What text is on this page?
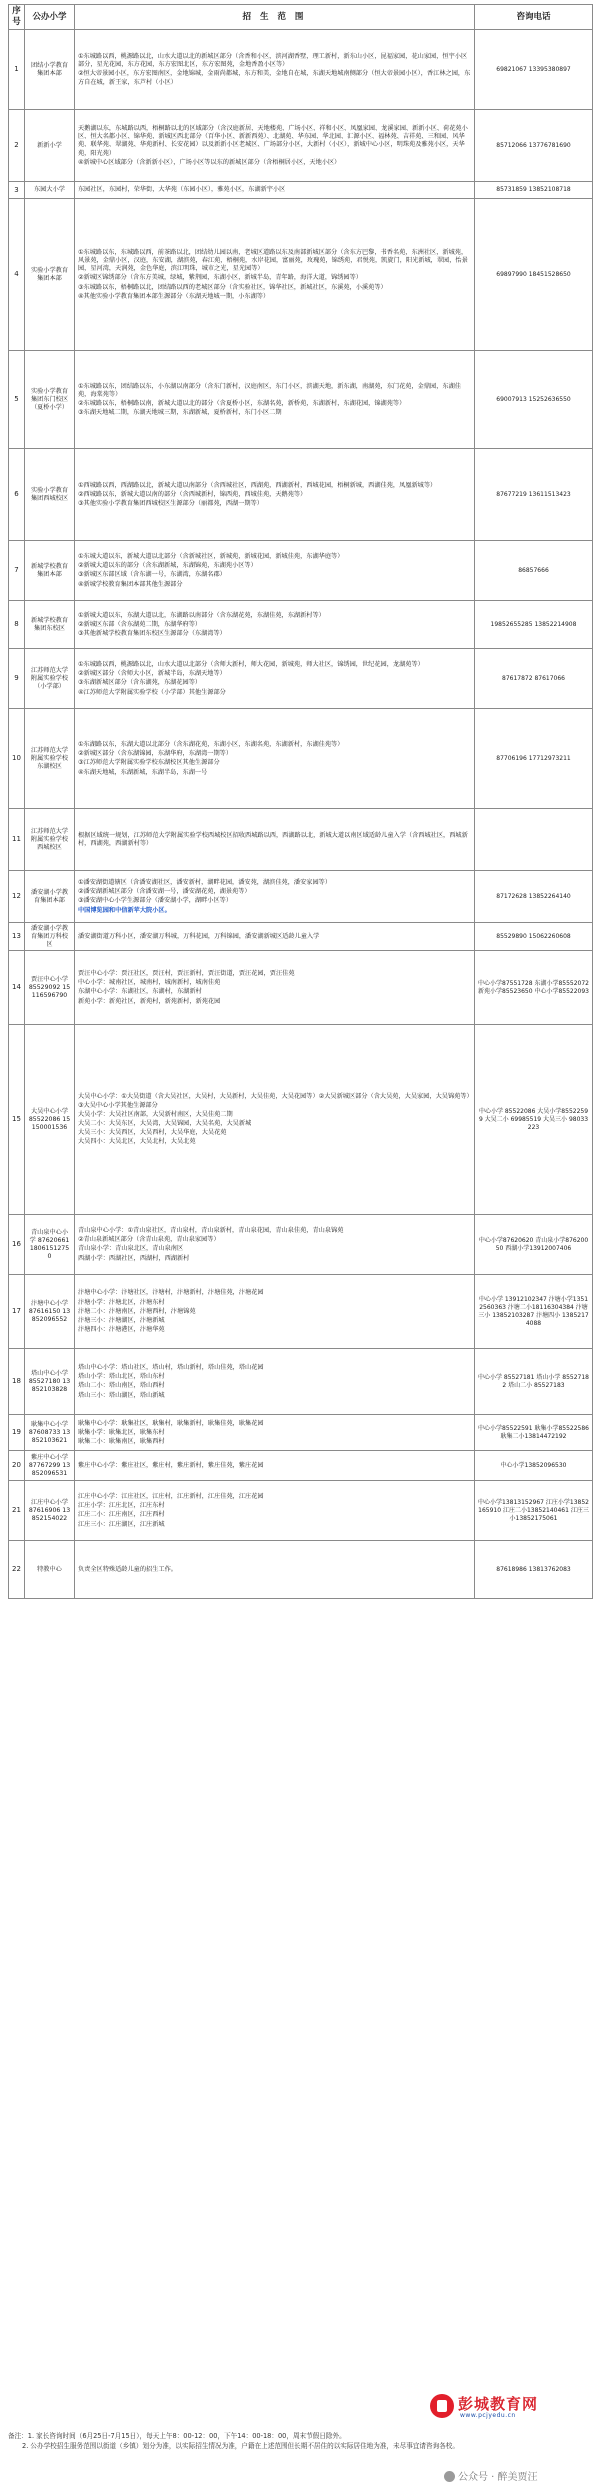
序号	公办小学	招 生 范 围	咨询电话
1	团结小学教育集团本部	①东城路以西，桃源路以北，山水大道以北的新城区部分（含香和小区，滨河湖香墅，理工新村，新东山小区，昆福家园，花山家园，恒宇小区部分，星光花园，东方花园，东方宏图北区，东方宏图苑，金地香盈小区等）
②恒大帝景园小区，东方宏图南区，金地锦城，金雨尚都城，东方和美，金地自在城，东湖天地城南侧部分（恒大帝景园小区），香江林之园，东方自在城，新王家，东芦村（小区）	69821067 13395380897
2	新新小学	天鹅湖以东，东城路以西，梧桐路以北的区域部分（含汉庭新居、天地楼苑、广场小区、祥和小区、凤凰家园、龙溪家园、新新小区、荷花苑小区、恒大名都小区、锦华苑、新城区西北部分（百华小区、新新西苑）、北湖苑、华东园、华北园、汇源小区、福林苑、吉祥苑、三和园、风华苑、联华苑、翠湖苑、华苑新村、长安花园）以及新新小区老城区、广场部分小区，大新村（小区），新城中心小区，明珠苑及雅苑小区，天华苑，阳光苑）
④新城中心区域部分（含新新小区），广场小区等以东的新城区部分（含梧桐居小区，天地小区）	85712066 13776781690
3	东园大小学	东园社区，东园村，荣华街，大华苑（东园小区），雅苑小区，东湖新宇小区	85731859 13852108718
4	实验小学教育集团本部	①东城路以东，东城路以西，前茶路以北，团结幼儿园以南，老城区道路以东及南部新城区部分（含东方巴黎，书香名苑，东洲社区，新城苑，风景苑，金鼎小区，汉庭，东安湖，湖滨苑，春江苑，梧桐苑，水岸花园，富丽苑，玫瑰苑，锦绣苑，君悦苑，凯旋门，阳光新城，翠园，怡景园，星河湾，天润苑，金色华庭，滨江明珠，城市之光，星光园等）
②新城区锦绣部分（含东方美城，绿城，紫荆园，东湖小区，新城半岛，青年路，海洋大道，锦绣园等）
③东城路以东，梧桐路以北，团结路以西的老城区部分（含实验社区，锦华社区，新城社区，东溪苑，小溪苑等）
④其他实验小学教育集团本部生源部分（东湖天地城一期，小东湖等）	69897990 18451528650
5	实验小学教育集团东门校区（夏桥小学）	①东城路以东，团结路以东，小东湖以南部分（含东门新村，汉庭南区，东门小区，滨湖天地，新东湖，南湖苑，东门花苑，金鼎园，东湖佳苑，海棠苑等）
②东城路以东，梧桐路以南，新城大道以北的部分（含夏桥小区，东湖名苑，新桥苑，东湖新村，东湖花园，锦湖苑等）
③东湖天地城二期，东湖天地城三期，东湖新城，夏桥新村，东门小区二期	69007913 15252636550
6	实验小学教育集团西城校区	①西城路以西，西湖路以北，新城大道以南部分（含西城社区，西湖苑，西湖新村，西城花园，梧桐新城，西湖佳苑，凤凰新城等）
②西城路以东，新城大道以南的部分（含西城新村，锦西苑，西城佳苑，天鹅苑等）
③其他实验小学教育集团西城校区生源部分（丽都苑，西湖一期等）	87677219 13611513423
7	新城学校教育集团本部	①东城大道以东，新城大道以北部分（含新城社区，新城苑，新城花园，新城佳苑，东湖华庭等）
②新城大道以东的部分（含东湖新城，东湖锦苑，东湖苑小区等）
③新城区东部区域（含东湖一号，东湖湾，东湖名郡）
④新城学校教育集团本部其他生源部分	86857666
8	新城学校教育集团东校区	①新城大道以东，东湖大道以北，东湖路以南部分（含东湖花苑，东湖佳苑，东湖新村等）
②新城区东部（含东湖苑二期，东湖华府等）
③其他新城学校教育集团东校区生源部分（东湖湾等）	19852655285 13852214908
9	江苏师范大学附属实验学校（小学部）	①东城路以西，桃源路以北，山水大道以北部分（含师大新村，师大花园，新城苑，师大社区，锦绣园，世纪花园，龙湖苑等）
②新城区部分（含师大小区，新城半岛，东湖天地等）
③东湖新城区部分（含东湖苑，东湖花园等）
④江苏师范大学附属实验学校（小学部）其他生源部分	87617872 87617066
10	江苏师范大学附属实验学校东湖校区	①东湖路以东，东湖大道以北部分（含东湖花苑，东湖小区，东湖名苑，东湖新村，东湖佳苑等）
②新城区部分（含东湖锦园，东湖华府，东湖湾一期等）
③江苏师范大学附属实验学校东湖校区其他生源部分
④东湖天地城，东湖新城，东湖半岛，东湖一号	87706196 17712973211
11	江苏师范大学附属实验学校西城校区	根据区域统一规划，江苏师范大学附属实验学校西城校区招收西城路以西，西湖路以北，新城大道以南区域适龄儿童入学（含西城社区，西城新村，西湖苑，西湖新村等）	

12	潘安湖小学教育集团本部	①潘安湖街道辖区（含潘安湖社区，潘安新村，湖畔花园，潘安苑，湖滨佳苑，潘安家园等）
②潘安湖新城区部分（含潘安湖一号，潘安湖花苑，湖景苑等）
③潘安湖中心小学生源部分（潘安湖小学，湖畔小区等）
中国博览园和中信新苹大院小区。	87172628 13852264140
13	潘安湖小学教育集团万科校区	潘安湖街道万科小区，潘安湖万科城，万科花园，万科锦园，潘安湖新城区适龄儿童入学	85529890 15062260608
14	贾汪中心小学 85529092 15116596790	贾汪中心小学：贾汪社区，贾汪村，贾汪新村，贾汪街道，贾汪花园，贾汪佳苑
中心小学：城南社区，城南村，城南新村，城南佳苑
东湖中心小学：东湖社区，东湖村，东湖新村
新苑小学：新苑社区，新苑村，新苑新村，新苑花园	中心小学87551728 东湖小学85552072 新苑小学85523650 中心小学85522093
15	大吴中心小学 85522086 15150001536	大吴中心小学：①大吴街道（含大吴社区，大吴村，大吴新村，大吴佳苑，大吴花园等）②大吴新城区部分（含大吴苑，大吴家园，大吴锦苑等）③大吴中心小学其他生源部分
大吴小学：大吴社区南部，大吴新村南区，大吴佳苑二期
大吴二小：大吴东区，大吴湾，大吴锦园，大吴名苑，大吴新城
大吴三小：大吴西区，大吴西村，大吴华庭，大吴花苑
大吴四小：大吴北区，大吴北村，大吴北苑	中心小学 85522086 大吴小学85522599 大吴二小 69985519 大吴三小 98033223
16	青山泉中心小学 87620661 18061512750	青山泉中心小学：①青山泉社区，青山泉村，青山泉新村，青山泉花园，青山泉佳苑，青山泉锦苑
②青山泉新城区部分（含青山泉苑，青山泉家园等）
青山泉小学：青山泉北区，青山泉南区
西湖小学：西湖社区，西湖村，西湖新村	中心小学87620620 青山泉小学87620050 西湖小学13912007406
17	汴塘中心小学 87616150 13852096552	汴塘中心小学：汴塘社区，汴塘村，汴塘新村，汴塘佳苑，汴塘花园
汴塘小学：汴塘北区，汴塘东村
汴塘二小：汴塘南区，汴塘西村，汴塘锦苑
汴塘三小：汴塘湖区，汴塘新城
汴塘四小：汴塘港区，汴塘华苑	中心小学 13912102347 汴塘小学13512560363 汴塘二小18116304384 汴塘三小 13852103287 汴塘四小 13852174088
18	塔山中心小学 85527180 13852103828	塔山中心小学：塔山社区，塔山村，塔山新村，塔山佳苑，塔山花园
塔山小学：塔山北区，塔山东村
塔山二小：塔山南区，塔山西村
塔山三小：塔山湖区，塔山新城	中心小学 85527181 塔山小学 85527182 塔山二小 85527183
19	耿集中心小学 87608733 13852103621	耿集中心小学：耿集社区，耿集村，耿集新村，耿集佳苑，耿集花园
耿集小学：耿集北区，耿集东村
耿集二小：耿集南区，耿集西村	中心小学85522591 耿集小学85522586 耿集二小13814472192
20	紫庄中心小学 87767299 13852096531	紫庄中心小学：紫庄社区，紫庄村，紫庄新村，紫庄佳苑，紫庄花园	中心小学13852096530
21	江庄中心小学 87616906 13852154022	江庄中心小学：江庄社区，江庄村，江庄新村，江庄佳苑，江庄花园
江庄小学：江庄北区，江庄东村
江庄二小：江庄南区，江庄西村
江庄三小：江庄湖区，江庄新城	中心小学13813152967 江庄小学13852165910 江庄二小13852140461 江庄三小13852175061
22	特教中心	负责全区特殊适龄儿童的招生工作。	87618986 13813762083
彭城教育网
www.pcjyedu.cn
备注：1. 家长咨询时间（6月25日-7月15日），每天上午8：00-12：00，下午14：00-18：00，周末节假日除外。
2. 公办学校招生服务范围以街道（乡镇）划分为准，以实际招生情况为准，户籍在上述范围但长期不居住的以实际居住地为准，未尽事宜请咨询各校。
公众号 · 醉美贾汪
